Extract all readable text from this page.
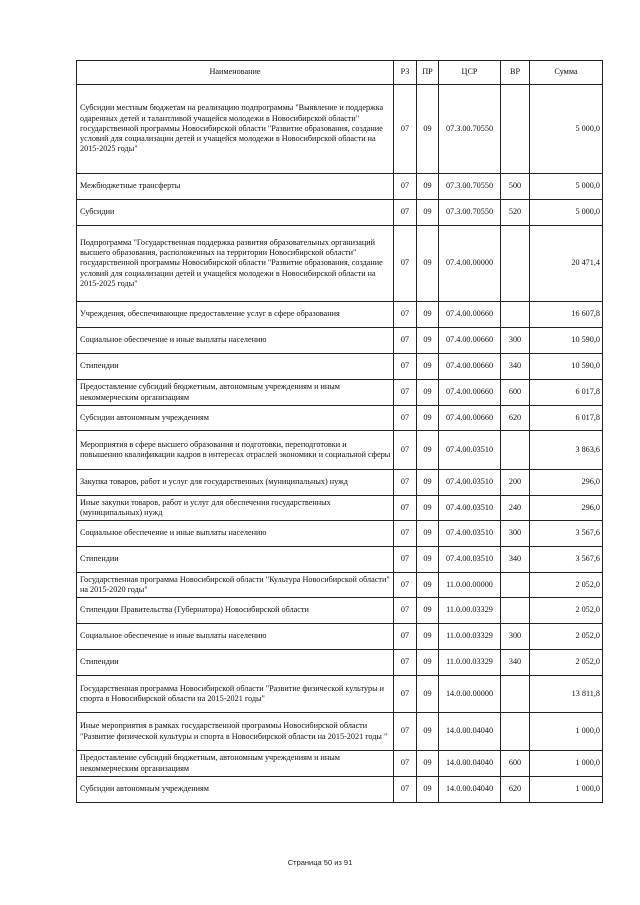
Наименование	РЗ	ПР	ЦСР	ВР	Сумма
Субсидии местным бюджетам на реализацию подпрограммы "Выявление и поддержка одаренных детей и талантливой учащейся молодежи в Новосибирской области" государственной программы Новосибирской области "Развитие образования, создание условий для социализации детей и учащейся молодежи в Новосибирской области на 2015-2025 годы"	07	09	07.3.00.70550		5 000,0
Межбюджетные трансферты	07	09	07.3.00.70550	500	5 000,0
Субсидии	07	09	07.3.00.70550	520	5 000,0
Подпрограмма "Государственная поддержка развития образовательных организаций высшего образования, расположенных на территории Новосибирской области" государственной программы Новосибирской области "Развитие образования, создание условий для социализации детей и учащейся молодежи в Новосибирской области на 2015-2025 годы"	07	09	07.4.00.00000		20 471,4
Учреждения, обеспечивающие предоставление услуг в сфере образования	07	09	07.4.00.00660		16 607,8
Социальное обеспечение и иные выплаты населению	07	09	07.4.00.00660	300	10 590,0
Стипендии	07	09	07.4.00.00660	340	10 590,0
Предоставление субсидий бюджетным, автономным учреждениям и иным некоммерческим организациям	07	09	07.4.00.00660	600	6 017,8
Субсидии автономным учреждениям	07	09	07.4.00.00660	620	6 017,8
Мероприятия в сфере высшего образования и подготовки, переподготовки и повышению квалификации кадров в интересах отраслей экономики и социальной сферы	07	09	07.4.00.03510		3 863,6
Закупка товаров, работ и услуг для государственных (муниципальных) нужд	07	09	07.4.00.03510	200	296,0
Иные закупки товаров, работ и услуг для обеспечения государственных (муниципальных) нужд	07	09	07.4.00.03510	240	296,0
Социальное обеспечение и иные выплаты населению	07	09	07.4.00.03510	300	3 567,6
Стипендии	07	09	07.4.00.03510	340	3 567,6
Государственная программа Новосибирской области "Культура Новосибирской области" на 2015-2020 годы"	07	09	11.0.00.00000		2 052,0
Стипендии Правительства (Губернатора) Новосибирской области	07	09	11.0.00.03329		2 052,0
Социальное обеспечение и иные выплаты населению	07	09	11.0.00.03329	300	2 052,0
Стипендии	07	09	11.0.00.03329	340	2 052,0
Государственная программа Новосибирской области "Развитие физической культуры и спорта в Новосибирской области на 2015-2021 годы"	07	09	14.0.00.00000		13 811,8
Иные мероприятия в рамках государственной программы Новосибирской области "Развитие физической культуры и спорта в Новосибирской области на 2015-2021 годы "	07	09	14.0.00.04040		1 000,0
Предоставление субсидий бюджетным, автономным учреждениям и иным некоммерческим организациям	07	09	14.0.00.04040	600	1 000,0
Субсидии автономным учреждениям	07	09	14.0.00.04040	620	1 000,0
Страница 50 из 91
